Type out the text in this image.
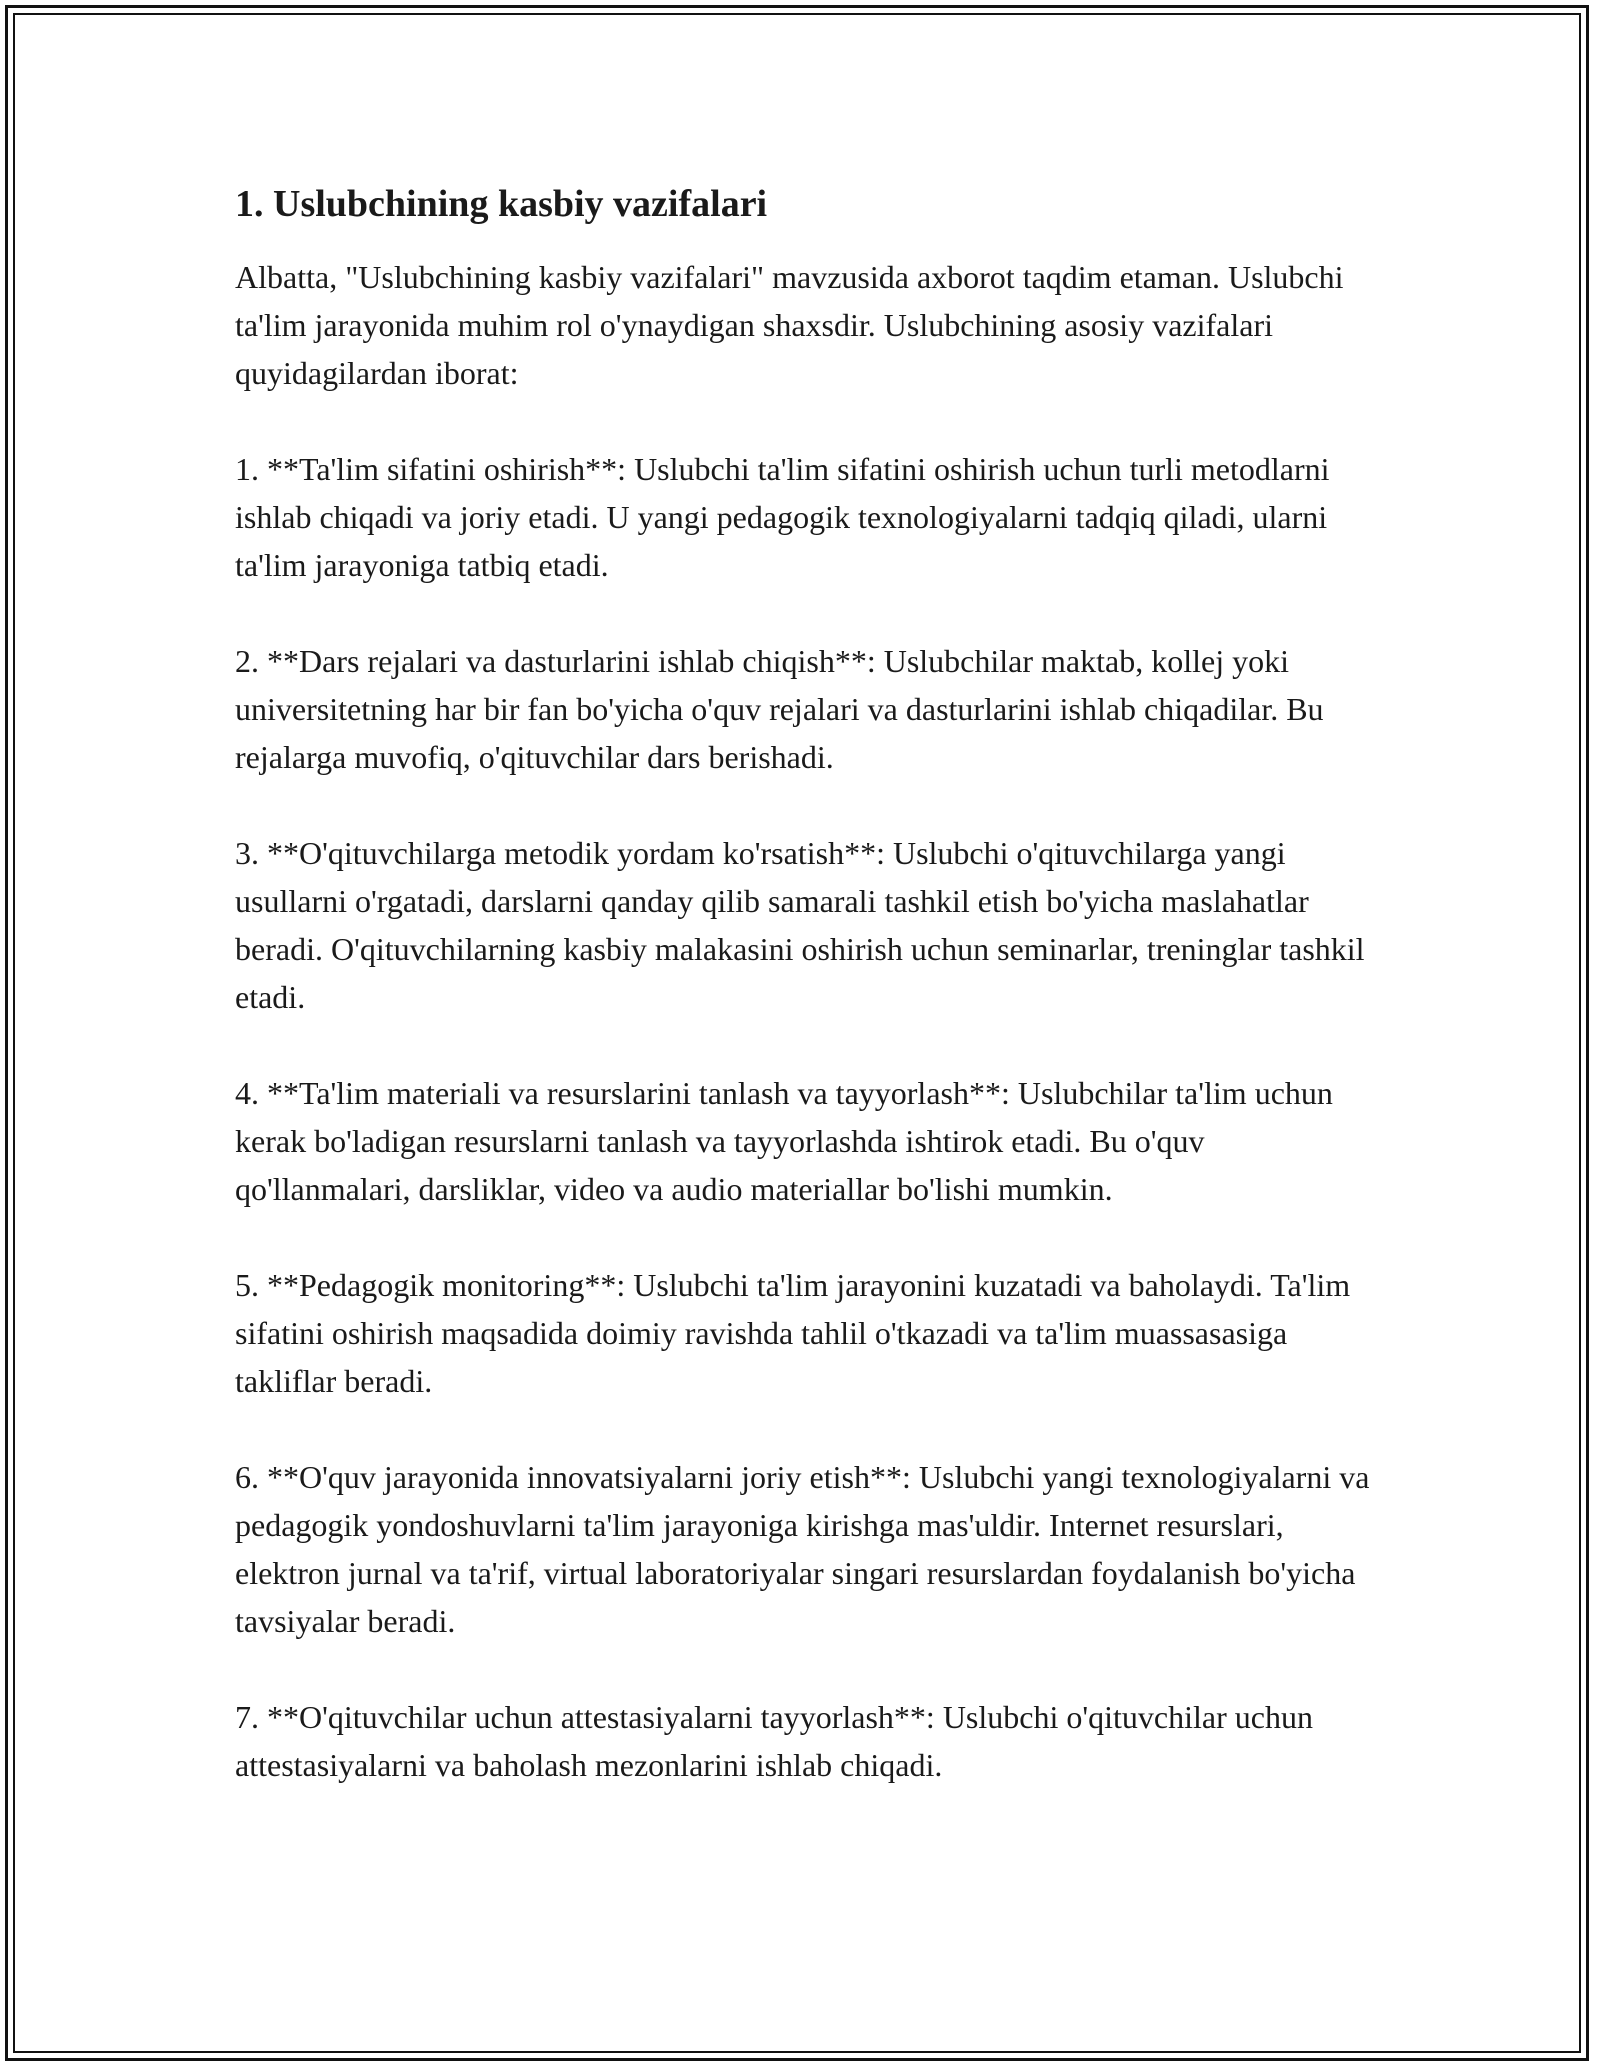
1. Uslubchining kasbiy vazifalari

Albatta, "Uslubchining kasbiy vazifalari" mavzusida axborot taqdim etaman. Uslubchi ta'lim jarayonida muhim rol o'ynaydigan shaxsdir. Uslubchining asosiy vazifalari quyidagilardan iborat:

1. **Ta'lim sifatini oshirish**: Uslubchi ta'lim sifatini oshirish uchun turli metodlarni ishlab chiqadi va joriy etadi. U yangi pedagogik texnologiyalarni tadqiq qiladi, ularni ta'lim jarayoniga tatbiq etadi.

2. **Dars rejalari va dasturlarini ishlab chiqish**: Uslubchilar maktab, kollej yoki universitetning har bir fan bo'yicha o'quv rejalari va dasturlarini ishlab chiqadilar. Bu rejalarga muvofiq, o'qituvchilar dars berishadi.

3. **O'qituvchilarga metodik yordam ko'rsatish**: Uslubchi o'qituvchilarga yangi usullarni o'rgatadi, darslarni qanday qilib samarali tashkil etish bo'yicha maslahatlar beradi. O'qituvchilarning kasbiy malakasini oshirish uchun seminarlar, treninglar tashkil etadi.

4. **Ta'lim materiali va resurslarini tanlash va tayyorlash**: Uslubchilar ta'lim uchun kerak bo'ladigan resurslarni tanlash va tayyorlashda ishtirok etadi. Bu o'quv qo'llanmalari, darsliklar, video va audio materiallar bo'lishi mumkin.

5. **Pedagogik monitoring**: Uslubchi ta'lim jarayonini kuzatadi va baholaydi. Ta'lim sifatini oshirish maqsadida doimiy ravishda tahlil o'tkazadi va ta'lim muassasasiga takliflar beradi.

6. **O'quv jarayonida innovatsiyalarni joriy etish**: Uslubchi yangi texnologiyalarni va pedagogik yondoshuvlarni ta'lim jarayoniga kirishga mas'uldir. Internet resurslari, elektron jurnal va ta'rif, virtual laboratoriyalar singari resurslardan foydalanish bo'yicha tavsiyalar beradi.

7. **O'qituvchilar uchun attestasiyalarni tayyorlash**: Uslubchi o'qituvchilar uchun attestasiyalarni va baholash mezonlarini ishlab chiqadi.
